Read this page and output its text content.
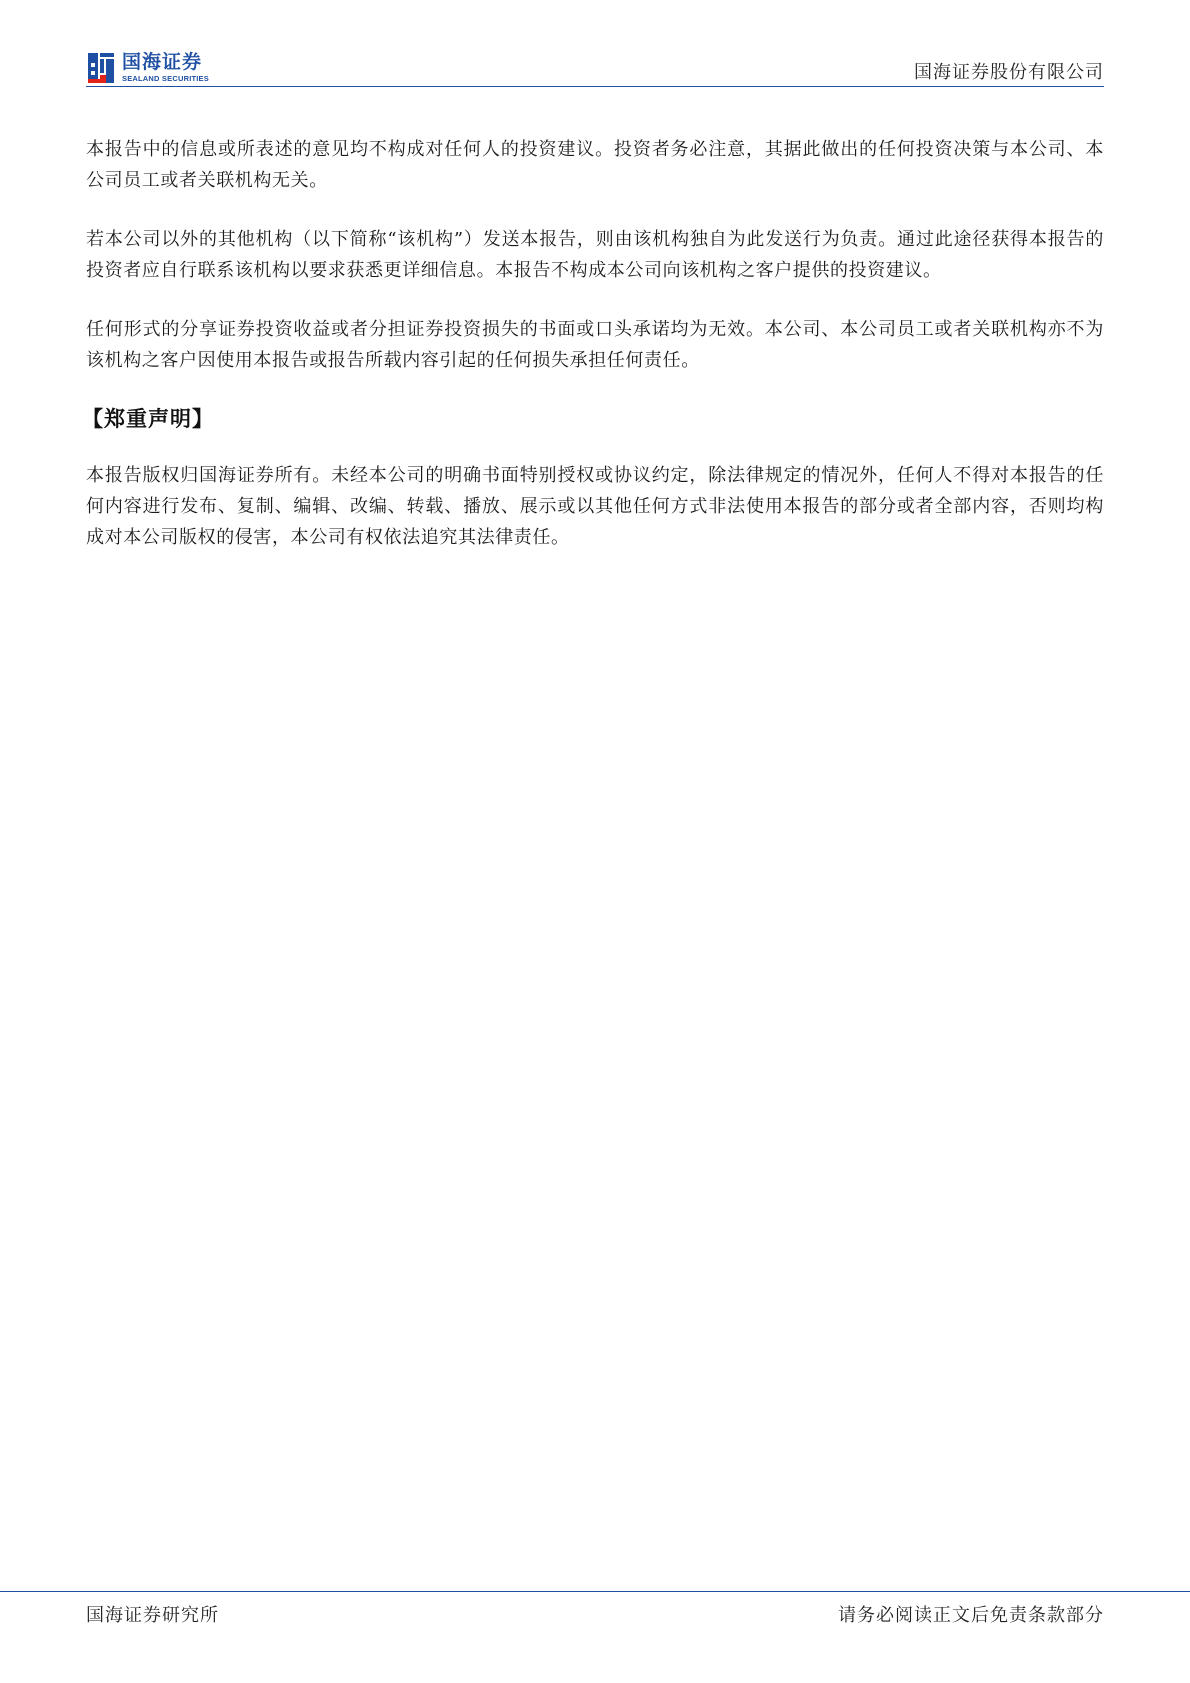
国海证券
SEALAND SECURITIES	国海证券股份有限公司

本报告中的信息或所表述的意见均不构成对任何人的投资建议。投资者务必注意，其据此做出的任何投资决策与本公司、本公司员工或者关联机构无关。

若本公司以外的其他机构（以下简称“该机构”）发送本报告，则由该机构独自为此发送行为负责。通过此途径获得本报告的投资者应自行联系该机构以要求获悉更详细信息。本报告不构成本公司向该机构之客户提供的投资建议。

任何形式的分享证券投资收益或者分担证券投资损失的书面或口头承诺均为无效。本公司、本公司员工或者关联机构亦不为该机构之客户因使用本报告或报告所载内容引起的任何损失承担任何责任。

【郑重声明】

本报告版权归国海证券所有。未经本公司的明确书面特别授权或协议约定，除法律规定的情况外，任何人不得对本报告的任何内容进行发布、复制、编辑、改编、转载、播放、展示或以其他任何方式非法使用本报告的部分或者全部内容，否则均构成对本公司版权的侵害，本公司有权依法追究其法律责任。

国海证券研究所	请务必阅读正文后免责条款部分
